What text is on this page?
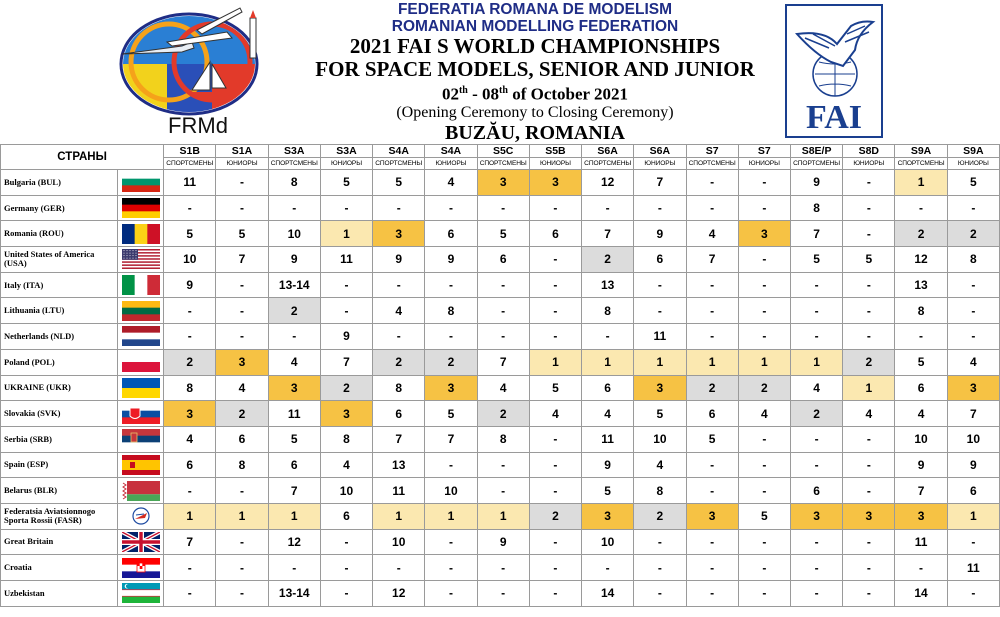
FRMd
FEDERATIA ROMANA DE MODELISM
ROMANIAN MODELLING FEDERATION
2021 FAI S WORLD CHAMPIONSHIPS
FOR SPACE MODELS, SENIOR AND JUNIOR
02th - 08th of October 2021
(Opening Ceremony to Closing Ceremony)
BUZĂU, ROMANIA	FAI
СТРАНЫ		S1B	S1A	S3A	S3A	S4A	S4A	S5C	S5B	S6A	S6A	S7	S7	S8E/P	S8D	S9A	S9A
		СПОРТСМЕНЫ	ЮНИОРЫ	СПОРТСМЕНЫ	ЮНИОРЫ	СПОРТСМЕНЫ	ЮНИОРЫ	СПОРТСМЕНЫ	ЮНИОРЫ	СПОРТСМЕНЫ	ЮНИОРЫ	СПОРТСМЕНЫ	ЮНИОРЫ	СПОРТСМЕНЫ	ЮНИОРЫ	СПОРТСМЕНЫ	ЮНИОРЫ
Bulgaria (BUL)		11	-	8	5	5	4	3	3	12	7	-	-	9	-	1	5
Germany (GER)		-	-	-	-	-	-	-	-	-	-	-	-	8	-	-	-
Romania (ROU)		5	5	10	1	3	6	5	6	7	9	4	3	7	-	2	2
United States of America (USA)		10	7	9	11	9	9	6	-	2	6	7	-	5	5	12	8
Italy (ITA)		9	-	13-14	-	-	-	-	-	13	-	-	-	-	-	13	-
Lithuania (LTU)		-	-	2	-	4	8	-	-	8	-	-	-	-	-	8	-
Netherlands (NLD)		-	-	-	9	-	-	-	-	-	11	-	-	-	-	-	-
Poland (POL)		2	3	4	7	2	2	7	1	1	1	1	1	1	2	5	4
UKRAINE (UKR)		8	4	3	2	8	3	4	5	6	3	2	2	4	1	6	3
Slovakia (SVK)		3	2	11	3	6	5	2	4	4	5	6	4	2	4	4	7
Serbia (SRB)		4	6	5	8	7	7	8	-	11	10	5	-	-	-	10	10
Spain (ESP)		6	8	6	4	13	-	-	-	9	4	-	-	-	-	9	9
Belarus (BLR)		-	-	7	10	11	10	-	-	5	8	-	-	6	-	7	6
Federatsia Aviatsionnogo Sporta Rossii (FASR)		1	1	1	6	1	1	1	2	3	2	3	5	3	3	3	1
Great Britain		7	-	12	-	10	-	9	-	10	-	-	-	-	-	11	-
Croatia		-	-	-	-	-	-	-	-	-	-	-	-	-	-	-	11
Uzbekistan		-	-	13-14	-	12	-	-	-	14	-	-	-	-	-	14	-
